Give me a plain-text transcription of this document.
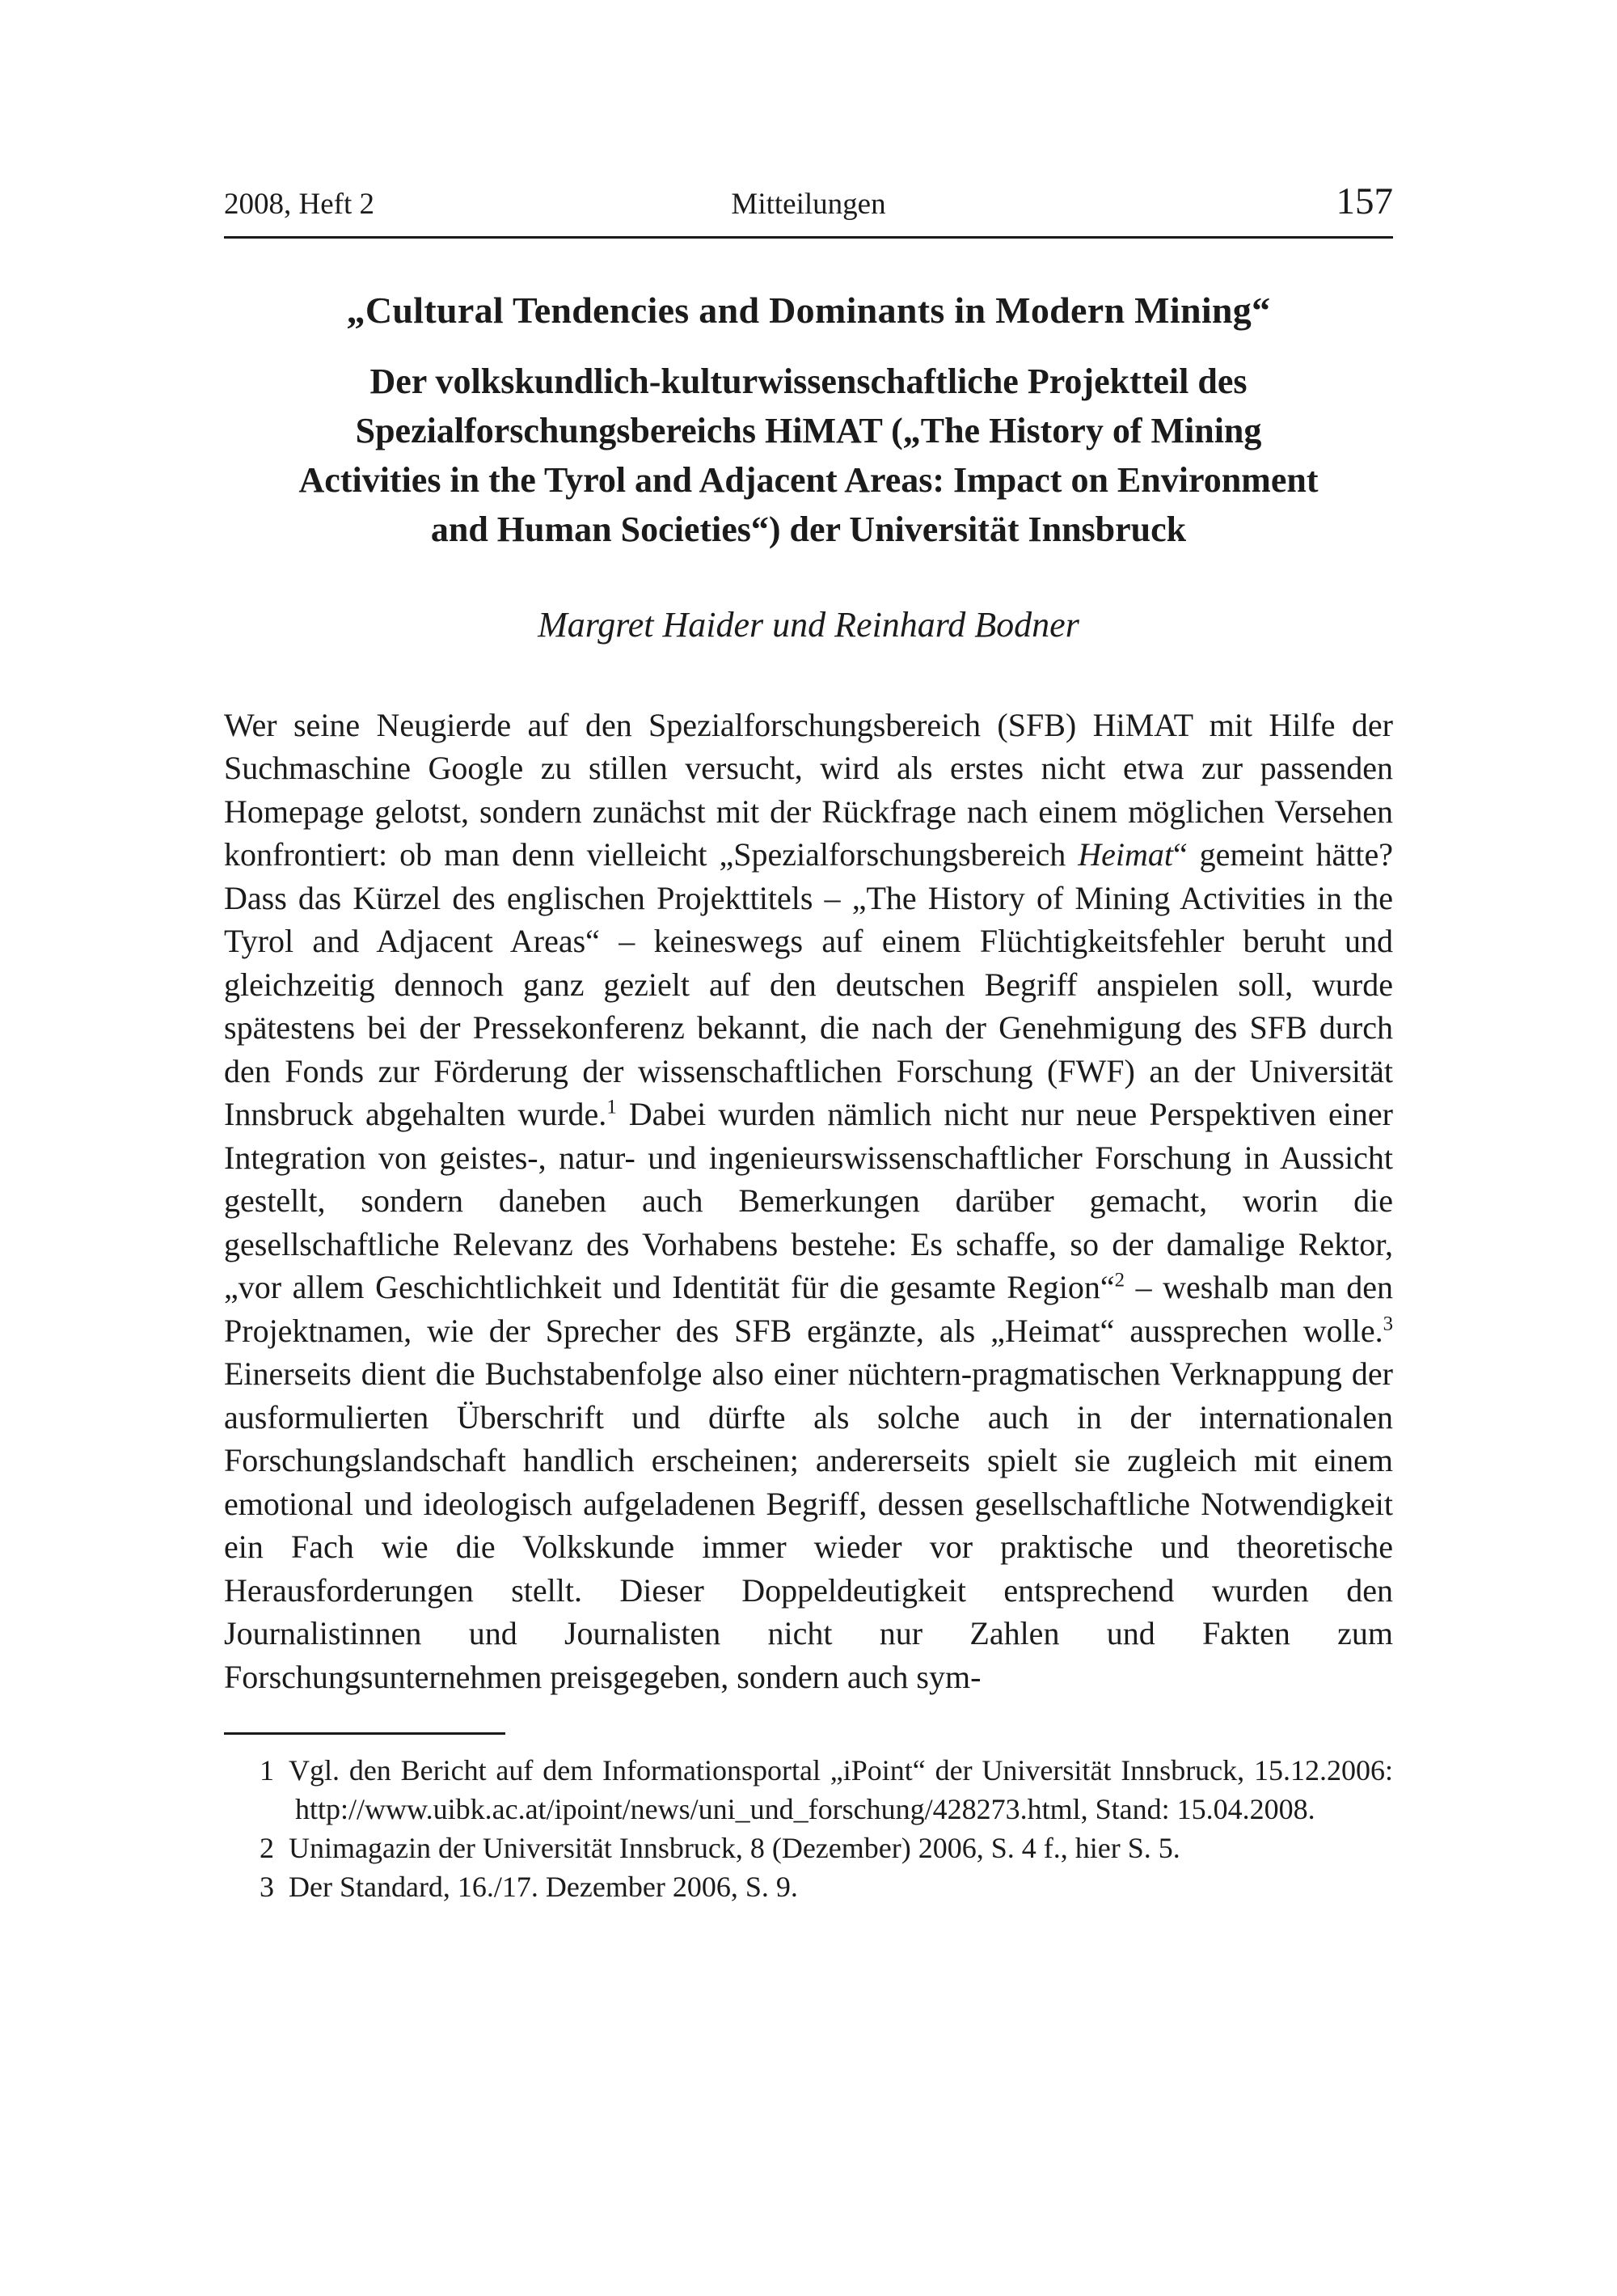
2008, Heft 2	Mitteilungen	157
„Cultural Tendencies and Dominants in Modern Mining“
Der volkskundlich-kulturwissenschaftliche Projektteil des
Spezialforschungsbereichs HiMAT („The History of Mining
Activities in the Tyrol and Adjacent Areas: Impact on Environment
and Human Societies“) der Universität Innsbruck
Margret Haider und Reinhard Bodner

Wer seine Neugierde auf den Spezialforschungsbereich (SFB) HiMAT mit Hilfe der Suchmaschine Google zu stillen versucht, wird als erstes nicht etwa zur passenden Homepage gelotst, sondern zunächst mit der Rückfrage nach einem möglichen Versehen konfrontiert: ob man denn vielleicht „Spezialforschungsbereich Heimat“ gemeint hätte? Dass das Kürzel des englischen Projekttitels – „The History of Mining Activities in the Tyrol and Adjacent Areas“ – keineswegs auf einem Flüchtigkeitsfehler beruht und gleichzeitig dennoch ganz gezielt auf den deutschen Begriff anspielen soll, wurde spätestens bei der Pressekonferenz bekannt, die nach der Genehmigung des SFB durch den Fonds zur Förderung der wissenschaftlichen Forschung (FWF) an der Universität Innsbruck abgehalten wurde.$^1$ Dabei wurden nämlich nicht nur neue Perspektiven einer Integration von geistes-, natur- und ingenieurswissenschaftlicher Forschung in Aussicht gestellt, sondern daneben auch Bemerkungen darüber gemacht, worin die gesellschaftliche Relevanz des Vorhabens bestehe: Es schaffe, so der damalige Rektor, „vor allem Geschichtlichkeit und Identität für die gesamte Region“$^2$ – weshalb man den Projektnamen, wie der Sprecher des SFB ergänzte, als „Heimat“ aussprechen wolle.$^3$ Einerseits dient die Buchstabenfolge also einer nüchtern-pragmatischen Verknappung der ausformulierten Überschrift und dürfte als solche auch in der internationalen Forschungslandschaft handlich erscheinen; andererseits spielt sie zugleich mit einem emotional und ideologisch aufgeladenen Begriff, dessen gesellschaftliche Notwendigkeit ein Fach wie die Volkskunde immer wieder vor praktische und theoretische Herausforderungen stellt. Dieser Doppeldeutigkeit entsprechend wurden den Journalistinnen und Journalisten nicht nur Zahlen und Fakten zum Forschungsunternehmen preisgegeben, sondern auch sym-

1 Vgl. den Bericht auf dem Informationsportal „iPoint“ der Universität Innsbruck, 15.12.2006: http://www.uibk.ac.at/ipoint/news/uni_und_forschung/428273.html, Stand: 15.04.2008.

2 Unimagazin der Universität Innsbruck, 8 (Dezember) 2006, S. 4 f., hier S. 5.

3 Der Standard, 16./17. Dezember 2006, S. 9.
